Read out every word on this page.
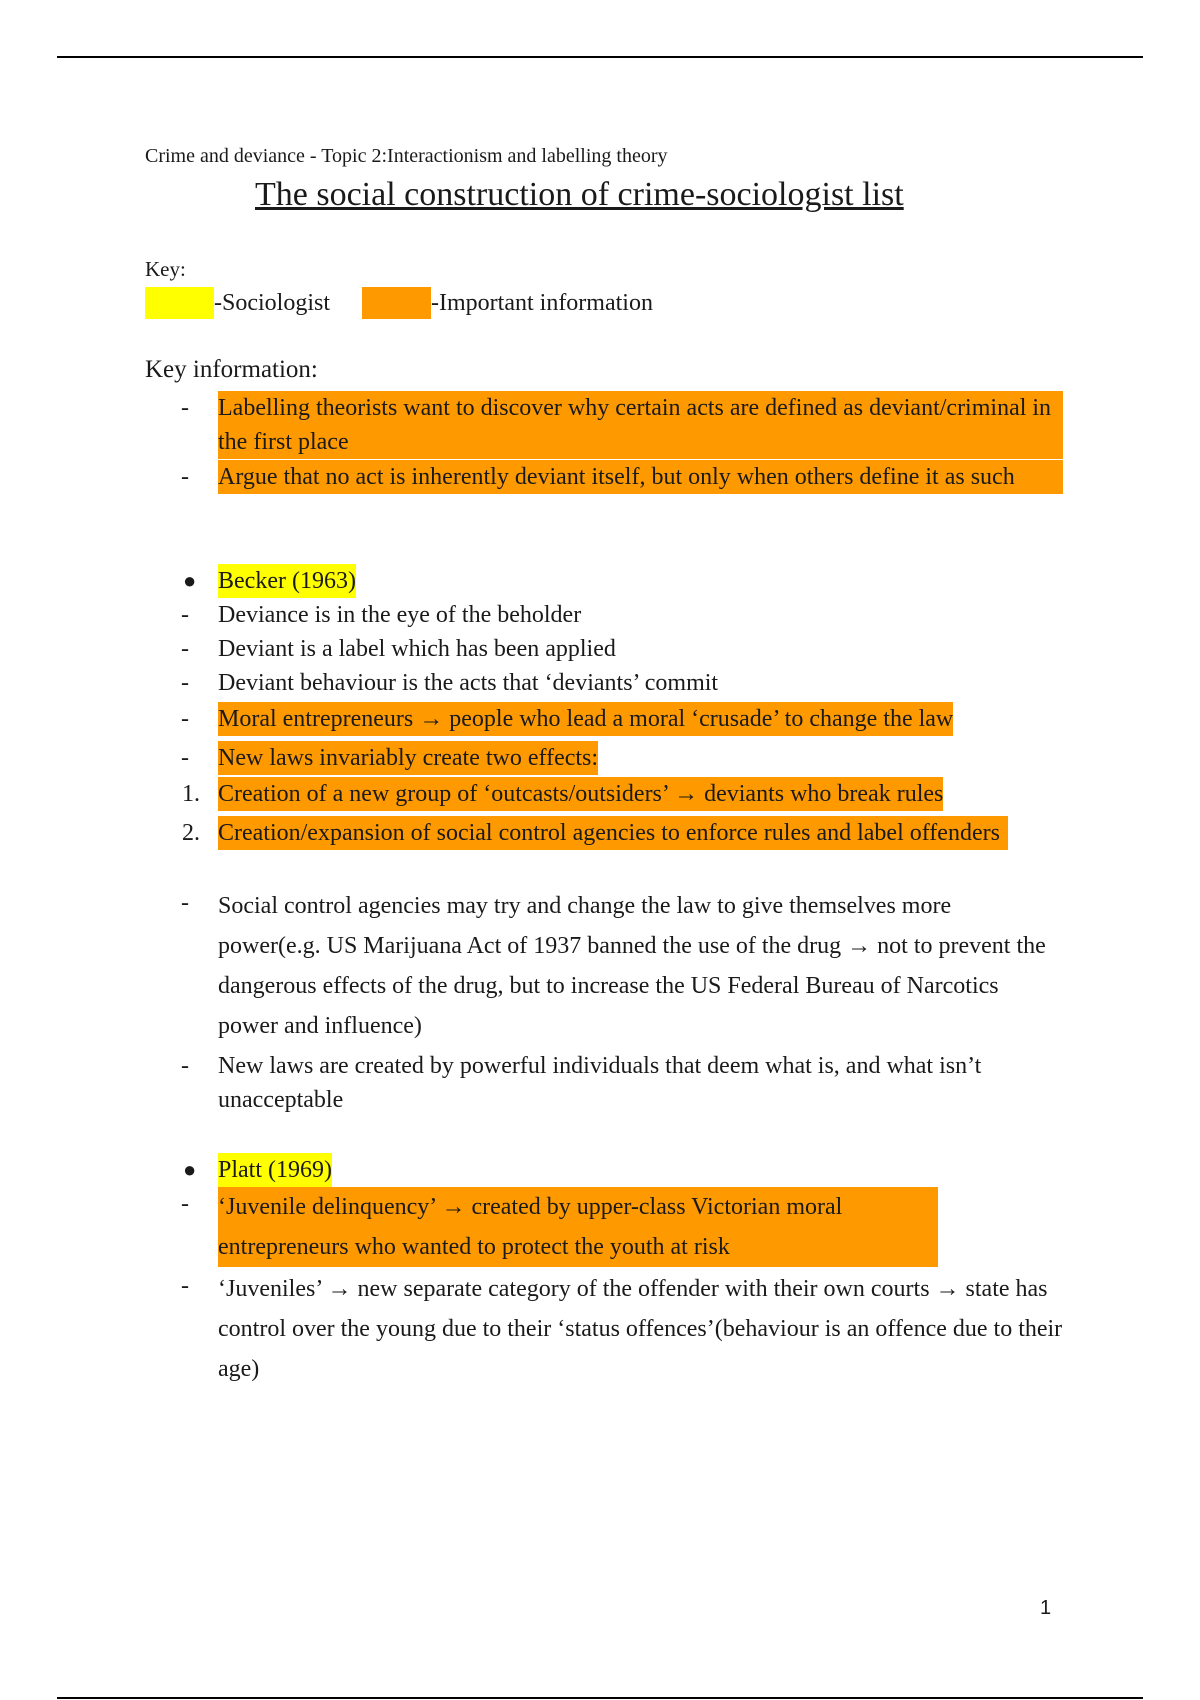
Crime and deviance - Topic 2:Interactionism and labelling theory
The social construction of crime-sociologist list
Key:
-Sociologist	-Important information
Key information:
-	Labelling theorists want to discover why certain acts are defined as deviant/criminal in the first place
-	Argue that no act is inherently deviant itself, but only when others define it as such
● Becker (1963)
-	Deviance is in the eye of the beholder
-	Deviant is a label which has been applied
-	Deviant behaviour is the acts that ‘deviants’ commit
-	Moral entrepreneurs → people who lead a moral ‘crusade’ to change the law
-	New laws invariably create two effects:
1. Creation of a new group of ‘outcasts/outsiders’ → deviants who break rules
2. Creation/expansion of social control agencies to enforce rules and label offenders
-	Social control agencies may try and change the law to give themselves more power(e.g. US Marijuana Act of 1937 banned the use of the drug → not to prevent the dangerous effects of the drug, but to increase the US Federal Bureau of Narcotics power and influence)
-	New laws are created by powerful individuals that deem what is, and what isn’t unacceptable
● Platt (1969)
-	‘Juvenile delinquency’ → created by upper-class Victorian moral entrepreneurs who wanted to protect the youth at risk
-	‘Juveniles’ → new separate category of the offender with their own courts → state has control over the young due to their ‘status offences’(behaviour is an offence due to their age)
1
